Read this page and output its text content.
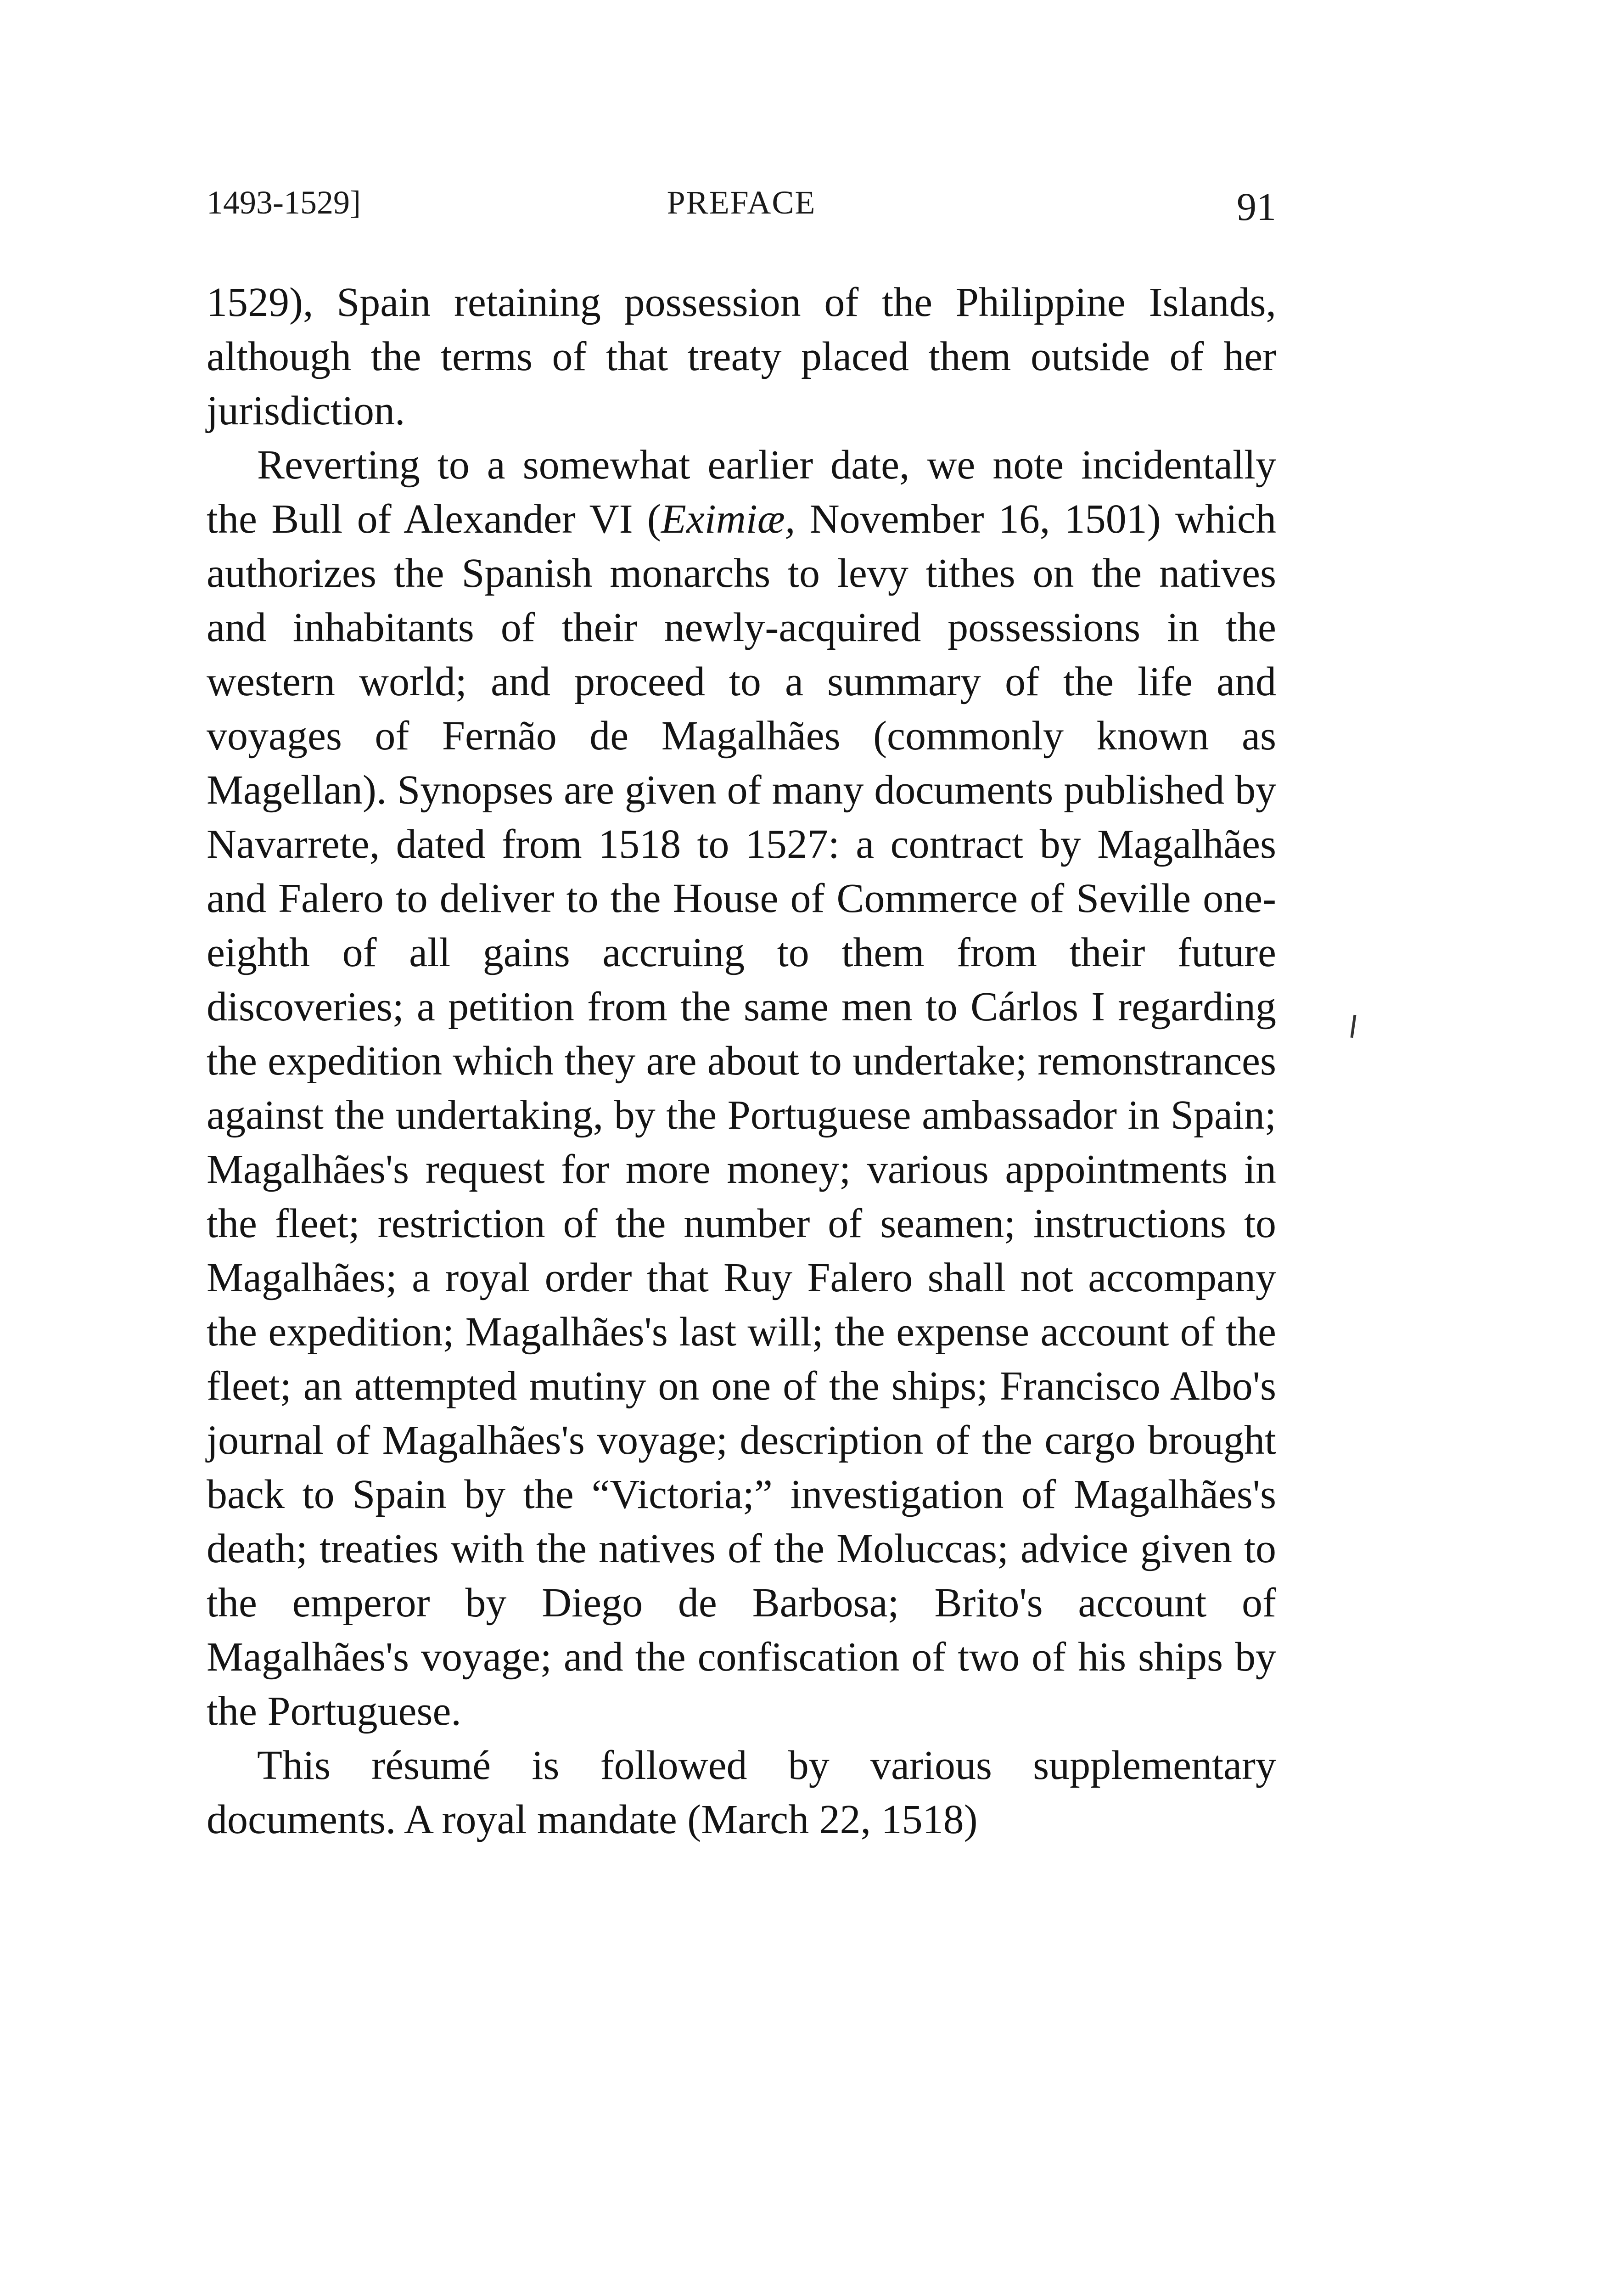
1493-1529]	PREFACE	91

1529), Spain retaining possession of the Philippine Islands, although the terms of that treaty placed them outside of her jurisdiction.

Reverting to a somewhat earlier date, we note incidentally the Bull of Alexander VI (Eximiæ, November 16, 1501) which authorizes the Spanish monarchs to levy tithes on the natives and inhabitants of their newly-acquired possessions in the western world; and proceed to a summary of the life and voyages of Fernão de Magalhães (commonly known as Magellan). Synopses are given of many documents published by Navarrete, dated from 1518 to 1527: a contract by Magalhães and Falero to deliver to the House of Commerce of Seville one-eighth of all gains accruing to them from their future discoveries; a petition from the same men to Cárlos I regarding the expedition which they are about to undertake; remonstrances against the undertaking, by the Portuguese ambassador in Spain; Magalhães's request for more money; various appointments in the fleet; restriction of the number of seamen; instructions to Magalhães; a royal order that Ruy Falero shall not accompany the expedition; Magalhães's last will; the expense account of the fleet; an attempted mutiny on one of the ships; Francisco Albo's journal of Magalhães's voyage; description of the cargo brought back to Spain by the “Victoria;” investigation of Magalhães's death; treaties with the natives of the Moluccas; advice given to the emperor by Diego de Barbosa; Brito's account of Magalhães's voyage; and the confiscation of two of his ships by the Portuguese.

This résumé is followed by various supplementary documents. A royal mandate (March 22, 1518)
